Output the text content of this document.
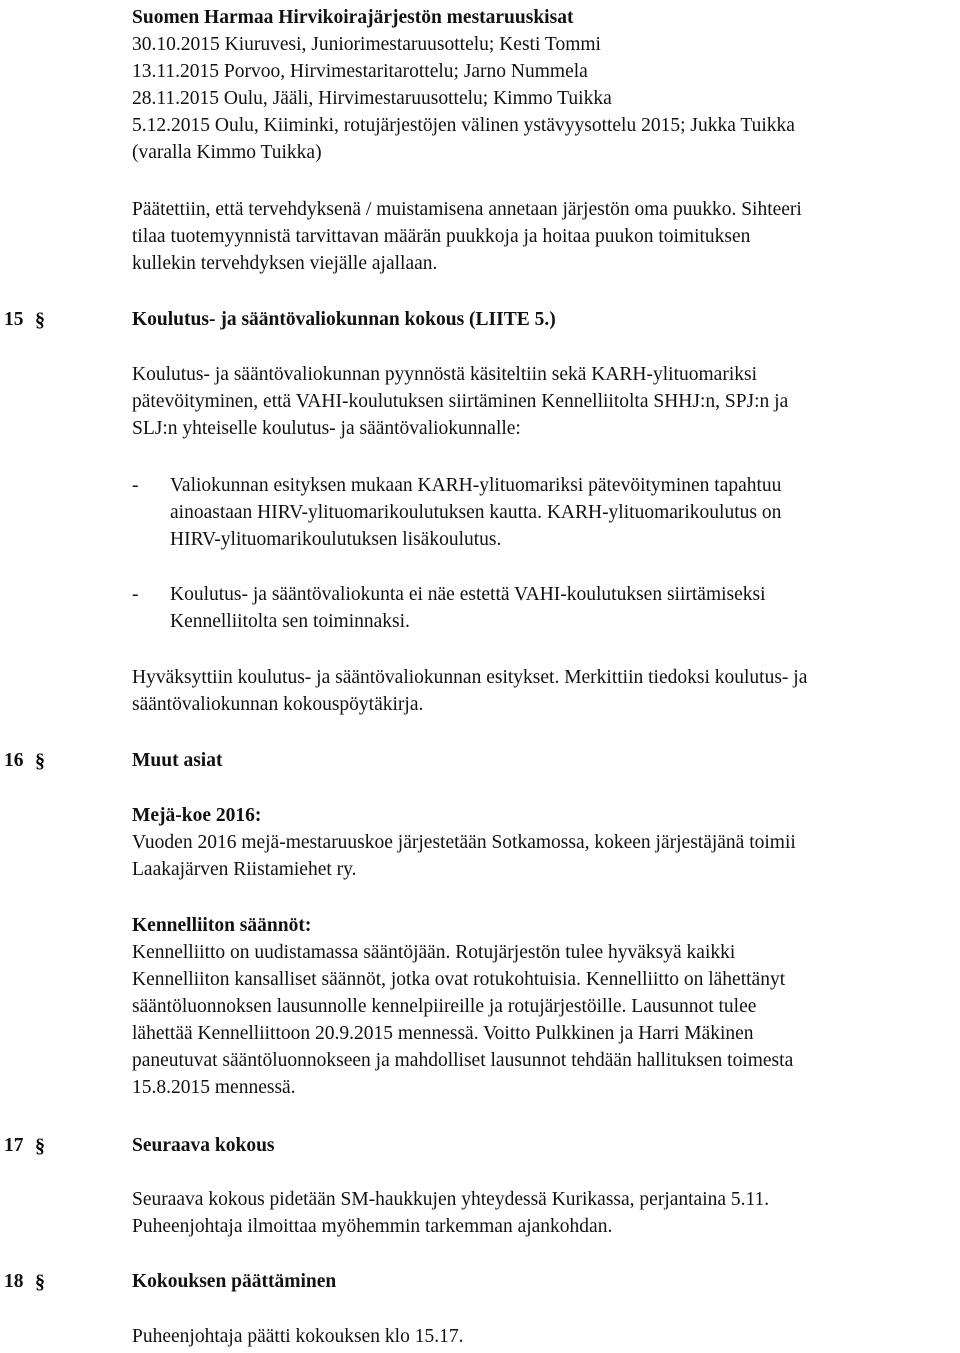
Suomen Harmaa Hirvikoirajärjestön mestaruuskisat
30.10.2015 Kiuruvesi, Juniorimestaruusottelu; Kesti Tommi
13.11.2015 Porvoo, Hirvimestaritarottelu; Jarno Nummela
28.11.2015 Oulu, Jääli, Hirvimestaruusottelu; Kimmo Tuikka
5.12.2015 Oulu, Kiiminki, rotujärjestöjen välinen ystävyysottelu 2015; Jukka Tuikka
(varalla Kimmo Tuikka)
Päätettiin, että tervehdyksenä / muistamisena annetaan järjestön oma puukko. Sihteeri
tilaa tuotemyynnistä tarvittavan määrän puukkoja ja hoitaa puukon toimituksen
kullekin tervehdyksen viejälle ajallaan.
15 §	Koulutus- ja sääntövaliokunnan kokous (LIITE 5.)
Koulutus- ja sääntövaliokunnan pyynnöstä käsiteltiin sekä KARH-ylituomariksi
pätevöityminen, että VAHI-koulutuksen siirtäminen Kennelliitolta SHHJ:n, SPJ:n ja
SLJ:n yhteiselle koulutus- ja sääntövaliokunnalle:
- Valiokunnan esityksen mukaan KARH-ylituomariksi pätevöityminen tapahtuu
ainoastaan HIRV-ylituomarikoulutuksen kautta. KARH-ylituomarikoulutus on
HIRV-ylituomarikoulutuksen lisäkoulutus.
- Koulutus- ja sääntövaliokunta ei näe estettä VAHI-koulutuksen siirtämiseksi
Kennelliitolta sen toiminnaksi.
Hyväksyttiin koulutus- ja sääntövaliokunnan esitykset. Merkittiin tiedoksi koulutus- ja
sääntövaliokunnan kokouspöytäkirja.
16 §	Muut asiat
Mejä-koe 2016:
Vuoden 2016 mejä-mestaruuskoe järjestetään Sotkamossa, kokeen järjestäjänä toimii
Laakajärven Riistamiehet ry.
Kennelliiton säännöt:
Kennelliitto on uudistamassa sääntöjään. Rotujärjestön tulee hyväksyä kaikki
Kennelliiton kansalliset säännöt, jotka ovat rotukohtuisia. Kennelliitto on lähettänyt
sääntöluonnoksen lausunnolle kennelpiireille ja rotujärjestöille. Lausunnot tulee
lähettää Kennelliittoon 20.9.2015 mennessä. Voitto Pulkkinen ja Harri Mäkinen
paneutuvat sääntöluonnokseen ja mahdolliset lausunnot tehdään hallituksen toimesta
15.8.2015 mennessä.
17 §	Seuraava kokous
Seuraava kokous pidetään SM-haukkujen yhteydessä Kurikassa, perjantaina 5.11.
Puheenjohtaja ilmoittaa myöhemmin tarkemman ajankohdan.
18 §	Kokouksen päättäminen
Puheenjohtaja päätti kokouksen klo 15.17.
